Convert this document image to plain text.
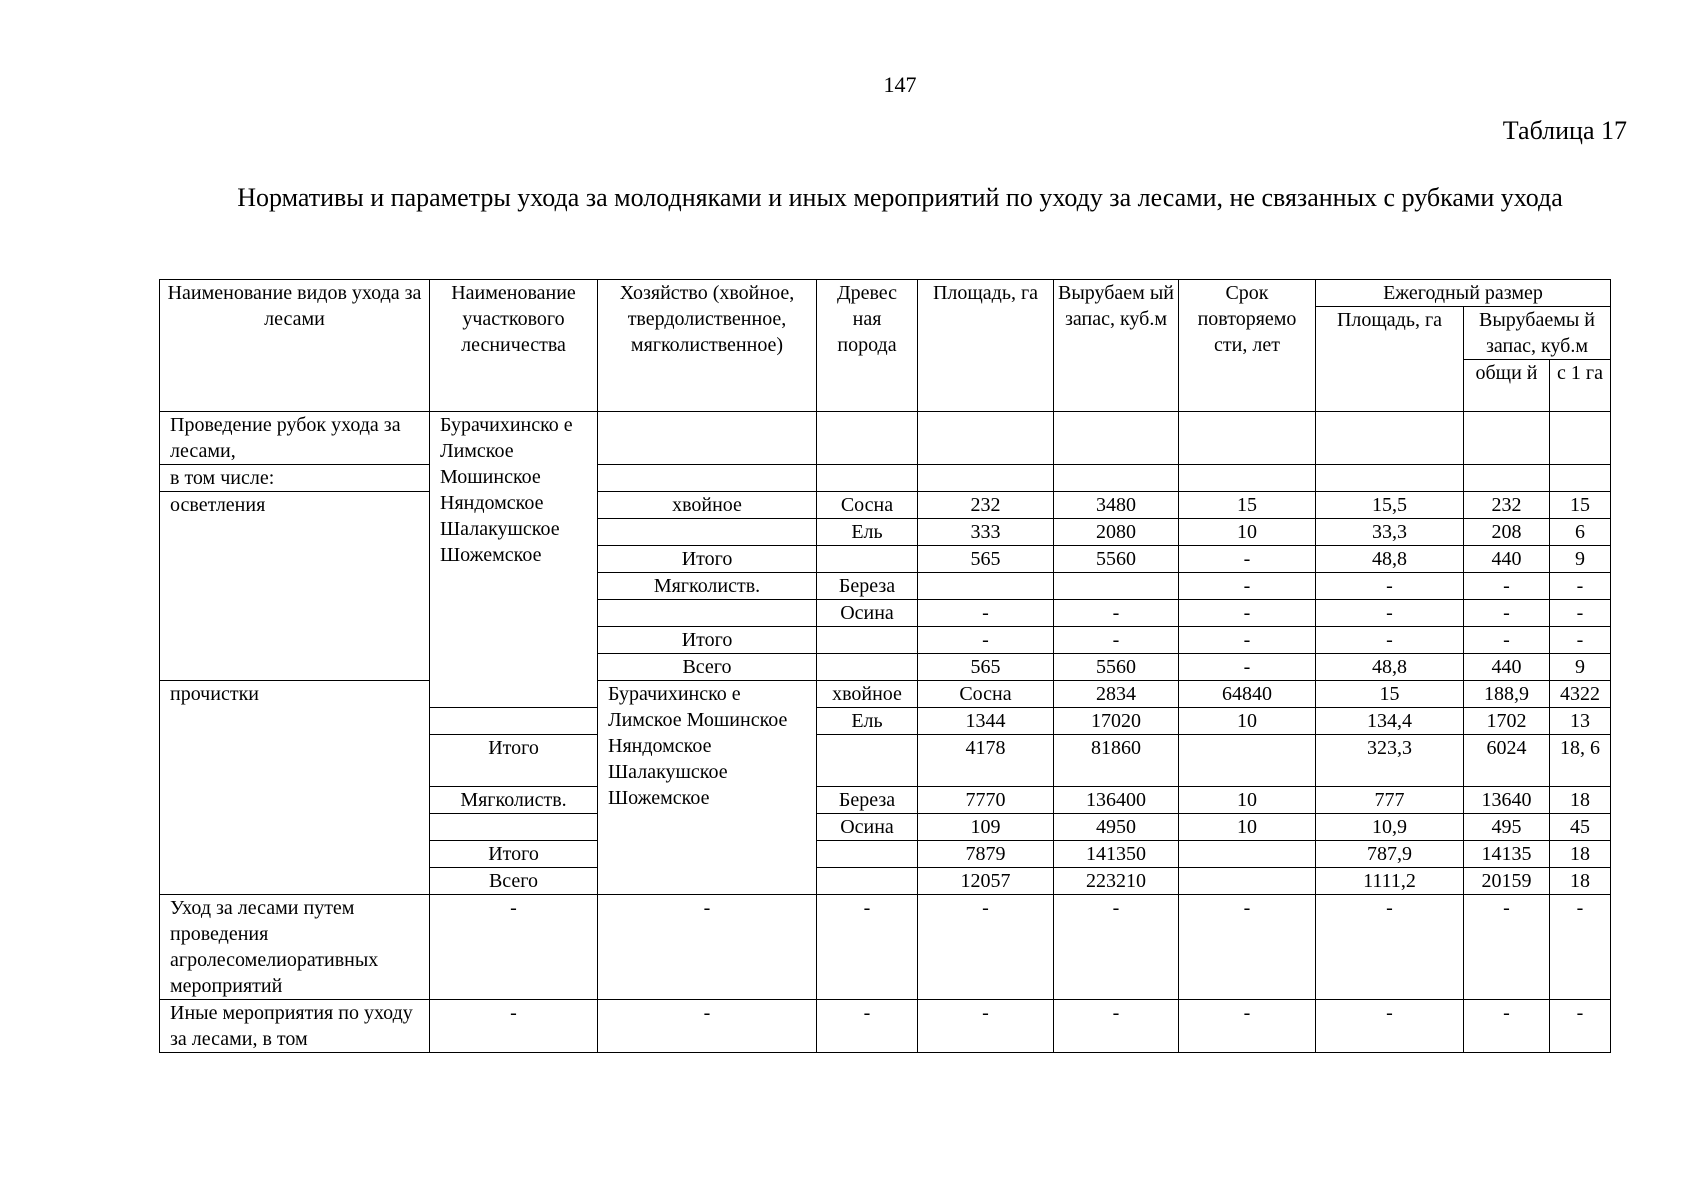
147
Таблица 17
Нормативы и параметры ухода за молодняками и иных мероприятий по уходу за лесами, не связанных с рубками ухода
Наименование видов ухода за лесами	Наименование участкового лесничества	Хозяйство (хвойное, твердолиственное, мягколиственное)	Древес ная порода	Площадь, га	Вырубаем ый запас, куб.м	Срок повторяемо сти, лет	Ежегодный размер			
							Площадь, га	Вырубаемы й запас, куб.м		

								общи й	с 1 га	
Проведение рубок ухода за лесами,	Бурачихинско е Лимское Мошинское Няндомское Шалакушское Шожемское									
в том числе:										
осветления		хвойное	Сосна	232	3480	15	15,5	232	15	
			Ель	333	2080	10	33,3	208	6	
		Итого		565	5560	-	48,8	440	9	
		Мягколиств.	Береза			-	-	-	-	
			Осина	-	-	-	-	-	-	
		Итого		-	-	-	-	-	-	
		Всего		565	5560	-	48,8	440	9	
прочистки		Бурачихинско е Лимское Мошинское Няндомское Шалакушское Шожемское	хвойное	Сосна	2834	64840	15	188,9	4322	
			Ель	1344	17020	10	134,4	1702	13	
	Итого			4178	81860		323,3	6024	18, 6	
	Мягколиств.		Береза	7770	136400	10	777	13640	18	
			Осина	109	4950	10	10,9	495	45	
	Итого			7879	141350		787,9	14135	18	
	Всего			12057	223210		1111,2	20159	18	
Уход за лесами путем проведения агролесомелиоративных мероприятий	-	-	-	-	-	-	-	-	-	
Иные мероприятия по уходу за лесами, в том	-	-	-	-	-	-	-	-	-	
